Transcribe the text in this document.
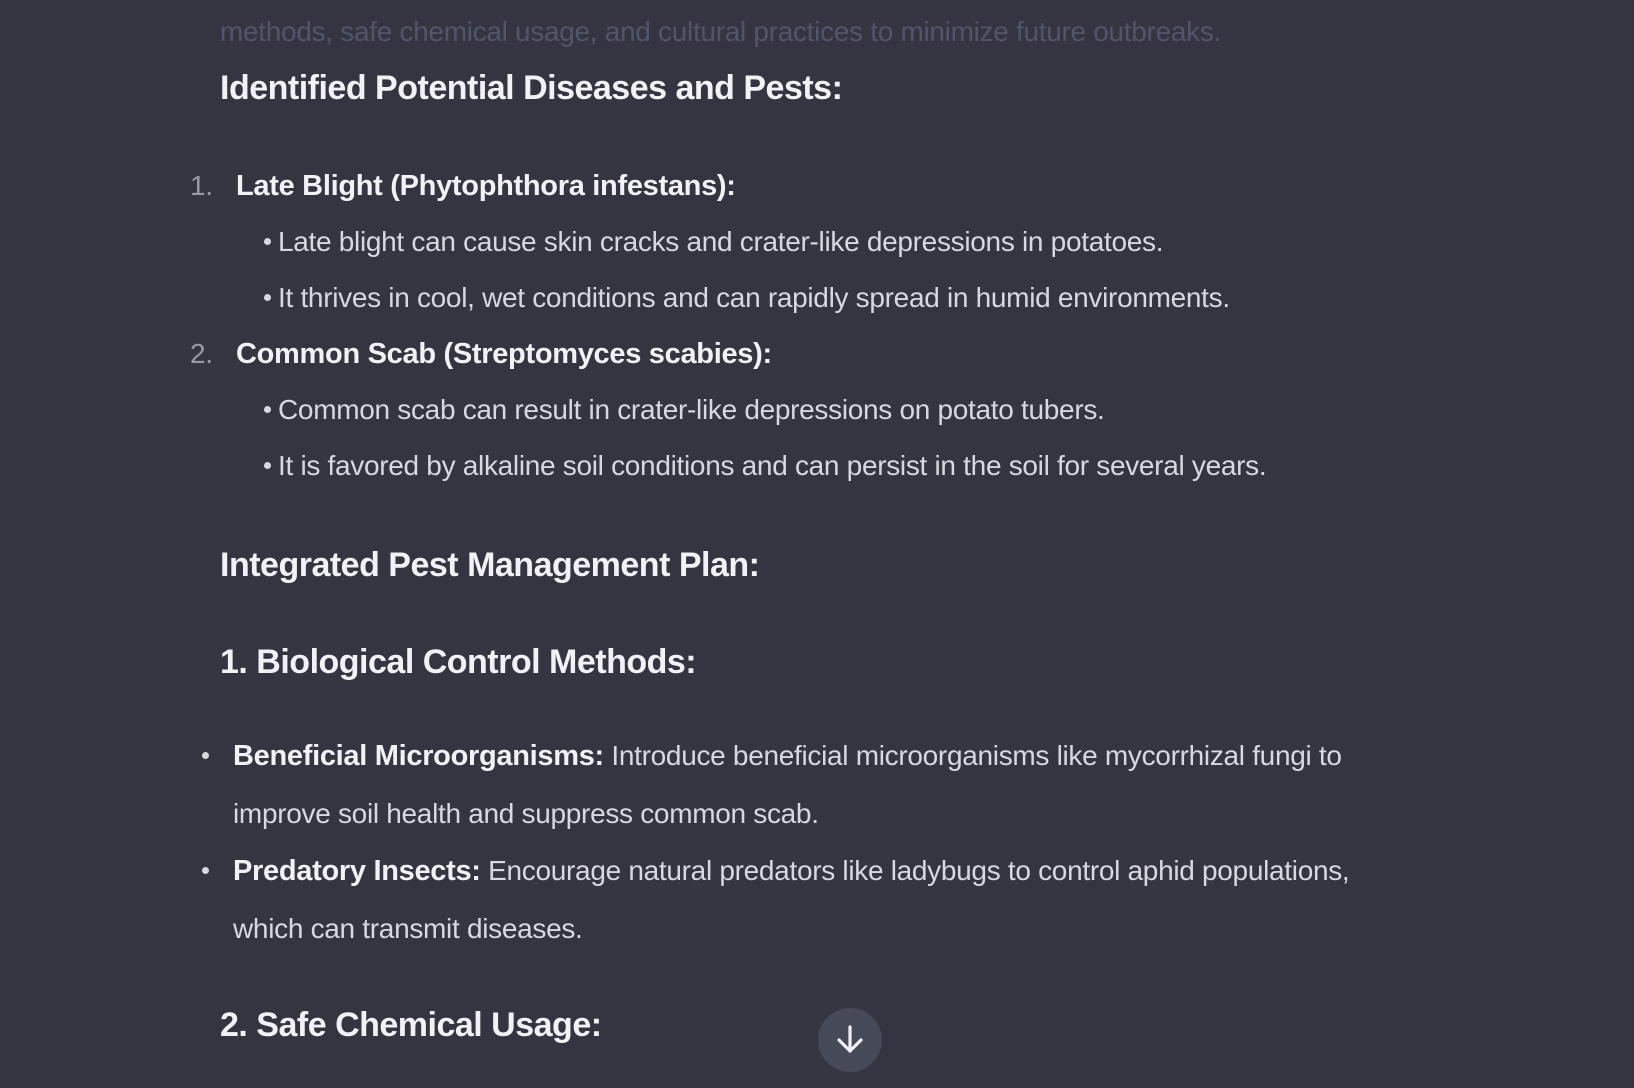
methods, safe chemical usage, and cultural practices to minimize future outbreaks.

Identified Potential Diseases and Pests:
1. Late Blight (Phytophthora infestans):
Late blight can cause skin cracks and crater-like depressions in potatoes.
It thrives in cool, wet conditions and can rapidly spread in humid environments.
2. Common Scab (Streptomyces scabies):
Common scab can result in crater-like depressions on potato tubers.
It is favored by alkaline soil conditions and can persist in the soil for several years.
Integrated Pest Management Plan:
1. Biological Control Methods:
Beneficial Microorganisms: Introduce beneficial microorganisms like mycorrhizal fungi to
improve soil health and suppress common scab.
Predatory Insects: Encourage natural predators like ladybugs to control aphid populations,
which can transmit diseases.
2. Safe Chemical Usage:
